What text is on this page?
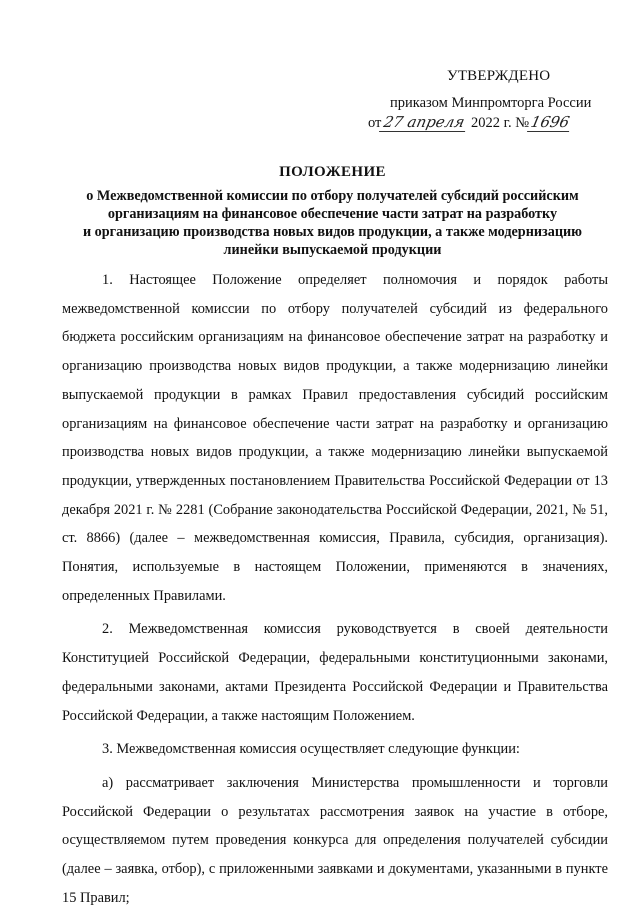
УТВЕРЖДЕНО
приказом Минпромторга России
от27 апреля 2022 г. №1696
ПОЛОЖЕНИЕ
о Межведомственной комиссии по отбору получателей субсидий российским
организациям на финансовое обеспечение части затрат на разработку
и организацию производства новых видов продукции, а также модернизацию
линейки выпускаемой продукции

1. Настоящее Положение определяет полномочия и порядок работы межведомственной комиссии по отбору получателей субсидий из федерального бюджета российским организациям на финансовое обеспечение затрат на разработку и организацию производства новых видов продукции, а также модернизацию линейки выпускаемой продукции в рамках Правил предоставления субсидий российским организациям на финансовое обеспечение части затрат на разработку и организацию производства новых видов продукции, а также модернизацию линейки выпускаемой продукции, утвержденных постановлением Правительства Российской Федерации от 13 декабря 2021 г. № 2281 (Собрание законодательства Российской Федерации, 2021, № 51, ст. 8866) (далее – межведомственная комиссия, Правила, субсидия, организация). Понятия, используемые в настоящем Положении, применяются в значениях, определенных Правилами.

2. Межведомственная комиссия руководствуется в своей деятельности Конституцией Российской Федерации, федеральными конституционными законами, федеральными законами, актами Президента Российской Федерации и Правительства Российской Федерации, а также настоящим Положением.

3. Межведомственная комиссия осуществляет следующие функции:

а) рассматривает заключения Министерства промышленности и торговли Российской Федерации о результатах рассмотрения заявок на участие в отборе, осуществляемом путем проведения конкурса для определения получателей субсидии (далее – заявка, отбор), с приложенными заявками и документами, указанными в пункте 15 Правил;
